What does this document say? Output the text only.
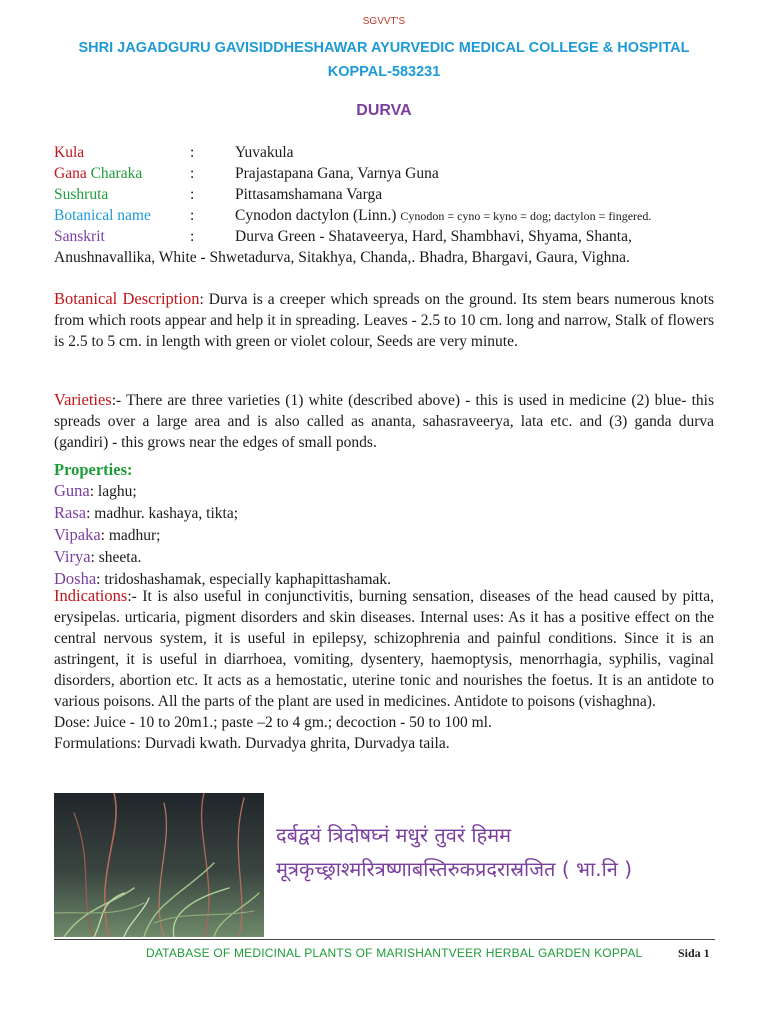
SGVVT'S
SHRI JAGADGURU GAVISIDDHESHAWAR AYURVEDIC MEDICAL COLLEGE & HOSPITAL
KOPPAL-583231
DURVA
Kula	:	Yuvakula
Gana Charaka	:	Prajastapana Gana, Varnya Guna
Sushruta	:	Pittasamshamana Varga
Botanical name	:	Cynodon dactylon (Linn.) Cynodon = cyno = kyno = dog; dactylon = fingered.
Sanskrit	:	Durva Green - Shataveerya, Hard, Shambhavi, Shyama, Shanta,
Anushnavallika, White - Shwetadurva, Sitakhya, Chanda,. Bhadra, Bhargavi, Gaura, Vighna.
Botanical Description: Durva is a creeper which spreads on the ground. Its stem bears numerous knots from which roots appear and help it in spreading. Leaves - 2.5 to 10 cm. long and narrow, Stalk of flowers is 2.5 to 5 cm. in length with green or violet colour, Seeds are very minute.
Varieties:- There are three varieties (1) white (described above) - this is used in medicine (2) blue- this spreads over a large area and is also called as ananta, sahasraveerya, lata etc. and (3) ganda durva (gandiri) - this grows near the edges of small ponds.
Properties:
Guna: laghu;
Rasa: madhur. kashaya, tikta;
Vipaka: madhur;
Virya: sheeta.
Dosha: tridoshashamak, especially kaphapittashamak.
Indications:- It is also useful in conjunctivitis, burning sensation, diseases of the head caused by pitta, erysipelas. urticaria, pigment disorders and skin diseases. Internal uses: As it has a positive effect on the central nervous system, it is useful in epilepsy, schizophrenia and painful conditions. Since it is an astringent, it is useful in diarrhoea, vomiting, dysentery, haemoptysis, menorrhagia, syphilis, vaginal disorders, abortion etc. It acts as a hemostatic, uterine tonic and nourishes the foetus. It is an antidote to various poisons. All the parts of the plant are used in medicines. Antidote to poisons (vishaghna).
Dose: Juice - 10 to 20m1.; paste –2 to 4 gm.; decoction - 50 to 100 ml.
Formulations: Durvadi kwath. Durvadya ghrita, Durvadya taila.
दर्बद्वयं त्रिदोषघ्नं मधुरं तुवरं हिमम
मूत्रकृच्छ्राश्मरित्रष्णाबस्तिरुकप्रदरास्रजित ( भा.नि )
DATABASE OF MEDICINAL PLANTS OF MARISHANTVEER HERBAL GARDEN KOPPAL	Sida 1
